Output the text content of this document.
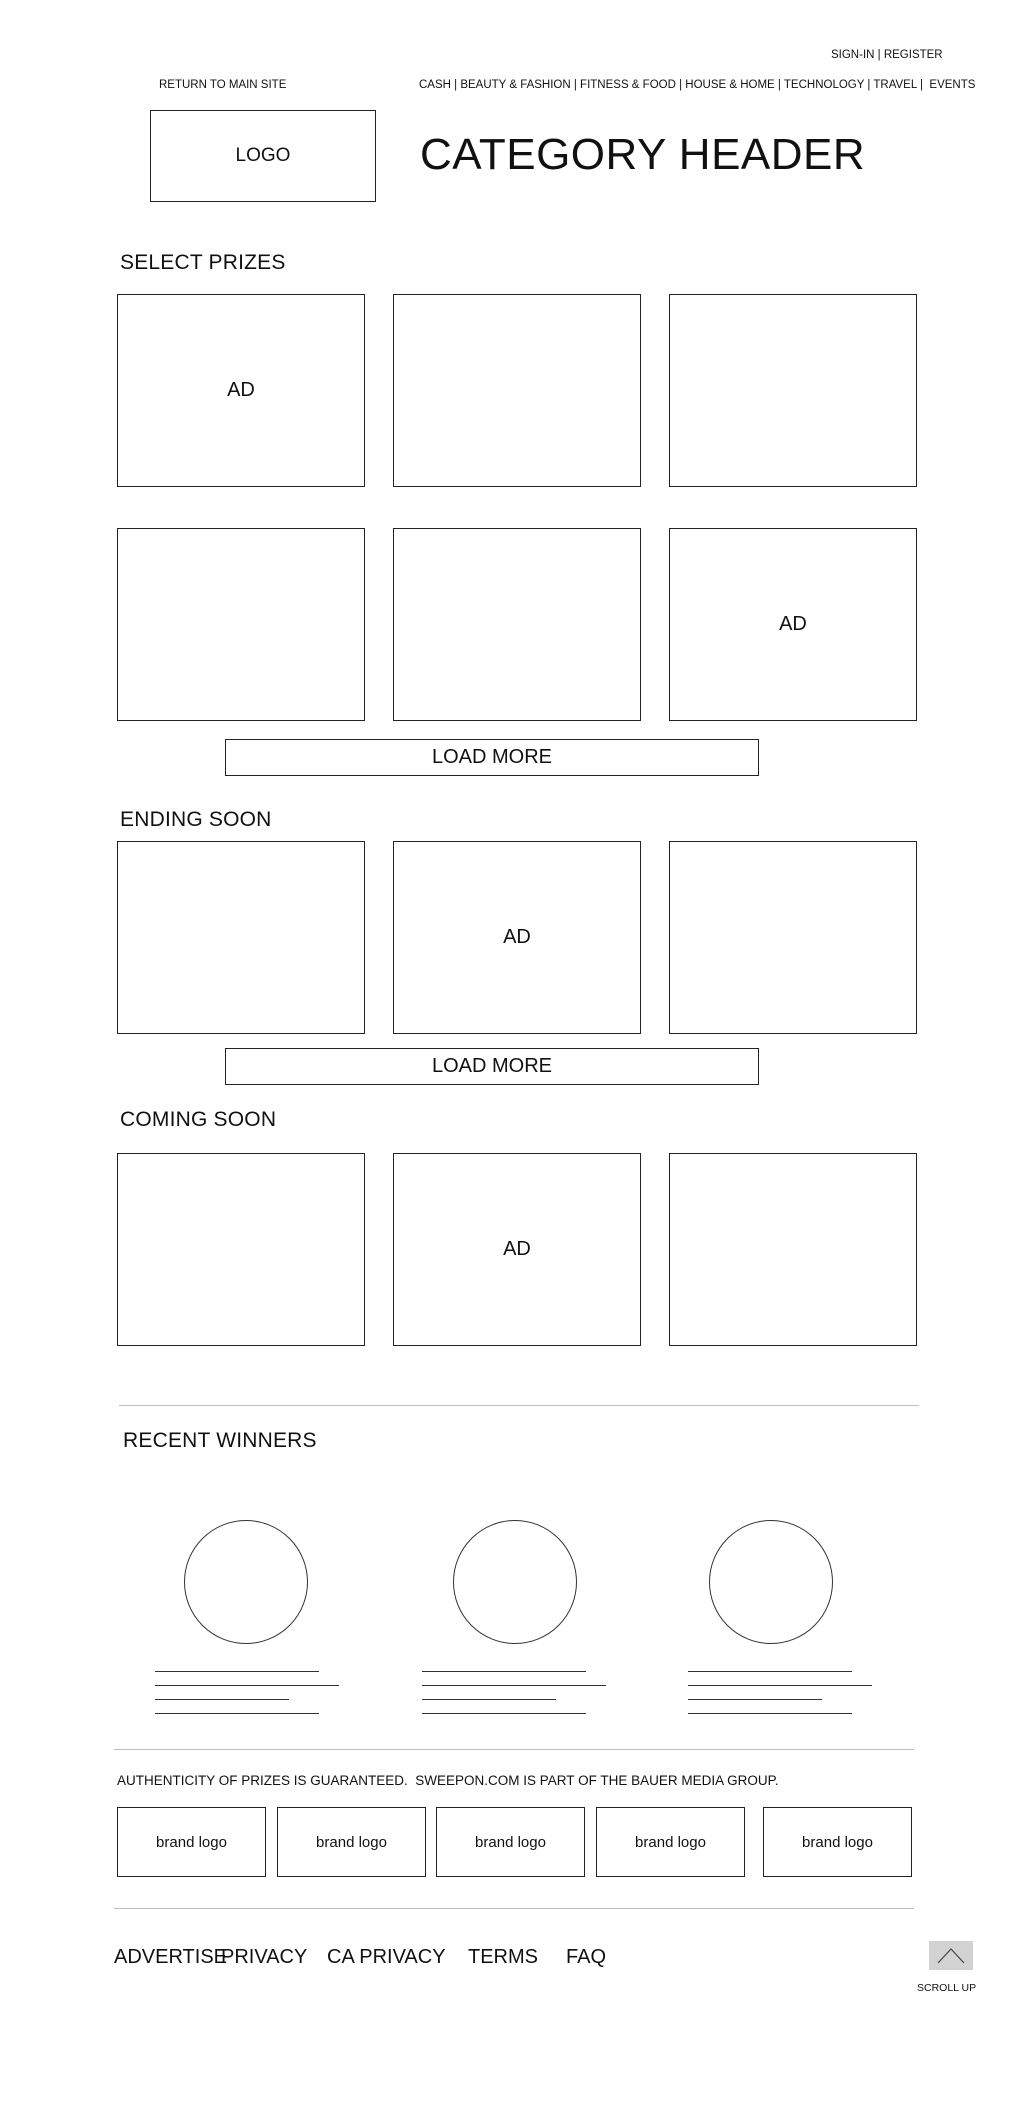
SIGN-IN | REGISTER
RETURN TO MAIN SITE	CASH | BEAUTY & FASHION | FITNESS & FOOD | HOUSE & HOME | TECHNOLOGY | TRAVEL |  EVENTS
LOGO	CATEGORY HEADER
SELECT PRIZES
AD
AD
LOAD MORE
ENDING SOON
AD
LOAD MORE
COMING SOON
AD
RECENT WINNERS
AUTHENTICITY OF PRIZES IS GUARANTEED.  SWEEPON.COM IS PART OF THE BAUER MEDIA GROUP.
brand logo	brand logo	brand logo	brand logo	brand logo
ADVERTISE
PRIVACY CA PRIVACY TERMS FAQ
SCROLL UP
